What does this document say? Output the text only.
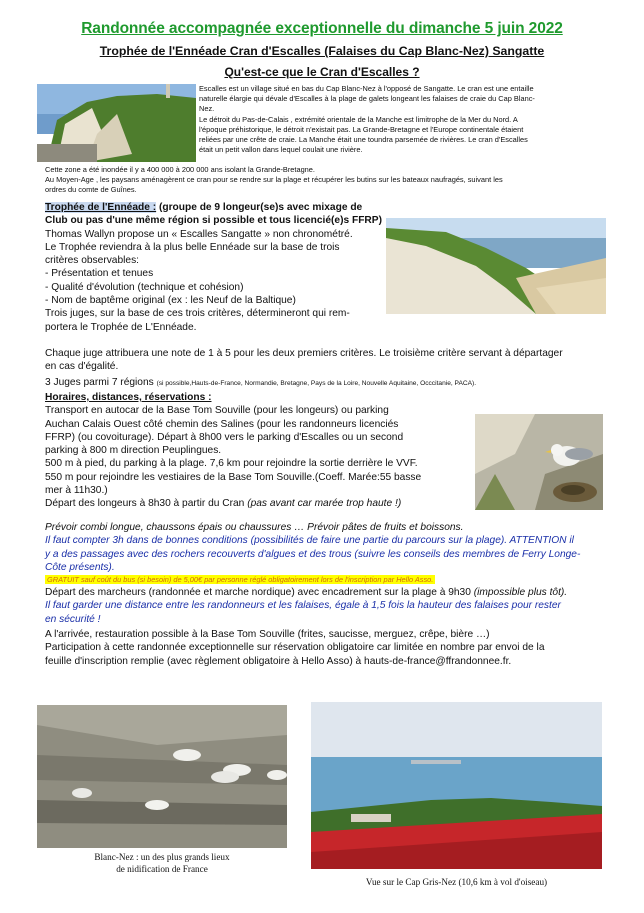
Randonnée accompagnée exceptionnelle du dimanche 5 juin 2022
Trophée de l'Ennéade Cran d'Escalles (Falaises du Cap Blanc-Nez) Sangatte
Qu'est-ce que le Cran d'Escalles ?

Escalles est un village situé en bas du Cap Blanc-Nez à l'opposé de Sangatte. Le cran est une entaille

naturelle élargie qui dévale d'Escalles à la plage de galets longeant les falaises de craie du Cap Blanc-

Nez.

Le détroit du Pas-de-Calais , extrémité orientale de la Manche est limitrophe de la Mer du Nord. A

l'époque préhistorique, le détroit n'existait pas. La Grande-Bretagne et l'Europe continentale étaient

reliées par une crête de craie. La Manche était une toundra parsemée de rivières. Le cran d'Escalles

était un petit vallon dans lequel coulait une rivière.

Cette zone a été inondée il y a 400 000 à 200 000 ans isolant la Grande-Bretagne.

Au Moyen-Age , les paysans aménagèrent ce cran pour se rendre sur la plage et récupérer les butins sur les bateaux naufragés, suivant les

ordres du comte de Guînes.

Trophée de l'Ennéade : (groupe de 9 longeur(se)s avec mixage de

Club ou pas d'une même région si possible et tous licencié(e)s FFRP)

Thomas Wallyn propose un « Escalles Sangatte » non chronométré.

Le Trophée reviendra à la plus belle Ennéade sur la base de trois

critères observables:

- Présentation et tenues

- Qualité d'évolution (technique et cohésion)

- Nom de baptême original (ex : les Neuf de la Baltique)

Trois juges, sur la base de ces trois critères, détermineront qui rem-

portera le Trophée de L'Ennéade.

Chaque juge attribuera une note de 1 à 5 pour les deux premiers critères. Le troisième critère servant à départager

en cas d'égalité.

3 Juges parmi 7 régions (si possible,Hauts-de-France, Normandie, Bretagne, Pays de la Loire, Nouvelle Aquitaine, Occcitanie, PACA).

Horaires, distances, réservations :

Transport en autocar de la Base Tom Souville (pour les longeurs) ou parking

Auchan Calais Ouest côté chemin des Salines (pour les randonneurs licenciés

FFRP) (ou covoiturage). Départ à 8h00 vers le parking d'Escalles ou un second

parking à 800 m direction Peuplingues.

500 m à pied, du parking à la plage. 7,6 km pour rejoindre la sortie derrière le VVF.

550 m pour rejoindre les vestiaires de la Base Tom Souville.(Coeff. Marée:55 basse

mer à 11h30.)

Départ des longeurs à 8h30 à partir du Cran (pas avant car marée trop haute !)

Prévoir combi longue, chaussons épais ou chaussures … Prévoir pâtes de fruits et boissons.

Il faut compter 3h dans de bonnes conditions (possibilités de faire une partie du parcours sur la plage). ATTENTION il

y a des passages avec des rochers recouverts d'algues et des trous (suivre les conseils des membres de Ferry Longe-

Côte présents).

GRATUIT sauf coût du bus (si besoin) de 5,00€ par personne réglé obligatoirement lors de l'inscription par Hello Asso.

Départ des marcheurs (randonnée et marche nordique) avec encadrement sur la plage à 9h30 (impossible plus tôt).

Il faut garder une distance entre les randonneurs et les falaises, égale à 1,5 fois la hauteur des falaises pour rester

en sécurité !

A l'arrivée, restauration possible à la Base Tom Souville (frites, saucisse, merguez, crêpe, bière …)

Participation à cette randonnée exceptionnelle sur réservation obligatoire car limitée en nombre par envoi de la

feuille d'inscription remplie (avec règlement obligatoire à Hello Asso) à hauts-de-france@ffrandonnee.fr.

Blanc-Nez : un des plus grands lieux

de nidification de France

Vue sur le Cap Gris-Nez (10,6 km à vol d'oiseau)
